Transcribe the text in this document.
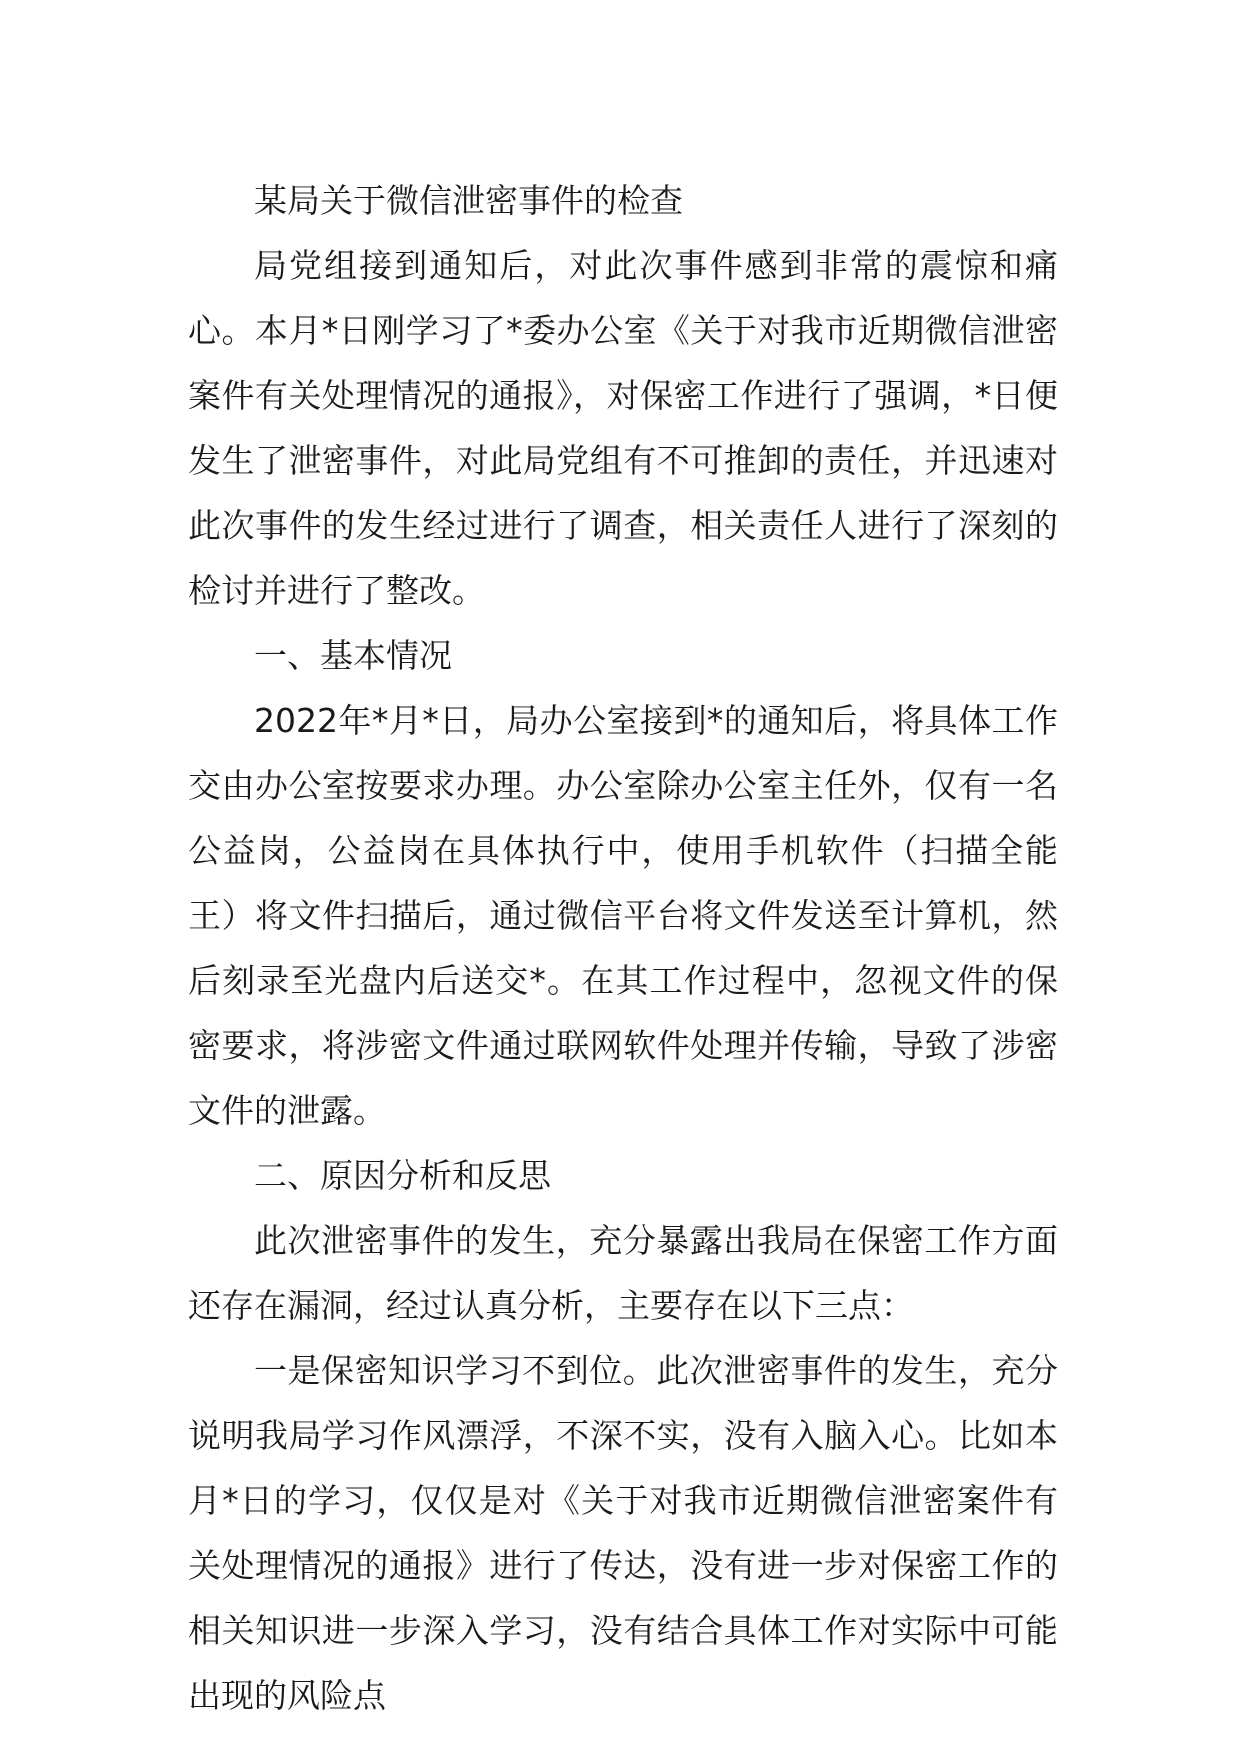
某局关于微信泄密事件的检查

局党组接到通知后，对此次事件感到非常的震惊和痛心。本月*日刚学习了*委办公室《关于对我市近期微信泄密案件有关处理情况的通报》，对保密工作进行了强调，*日便发生了泄密事件，对此局党组有不可推卸的责任，并迅速对此次事件的发生经过进行了调查，相关责任人进行了深刻的检讨并进行了整改。

一、基本情况

2022年*月*日，局办公室接到*的通知后，将具体工作交由办公室按要求办理。办公室除办公室主任外，仅有一名公益岗，公益岗在具体执行中，使用手机软件（扫描全能王）将文件扫描后，通过微信平台将文件发送至计算机，然后刻录至光盘内后送交*。在其工作过程中，忽视文件的保密要求，将涉密文件通过联网软件处理并传输，导致了涉密文件的泄露。

二、原因分析和反思

此次泄密事件的发生，充分暴露出我局在保密工作方面还存在漏洞，经过认真分析，主要存在以下三点：

一是保密知识学习不到位。此次泄密事件的发生，充分说明我局学习作风漂浮，不深不实，没有入脑入心。比如本月*日的学习，仅仅是对《关于对我市近期微信泄密案件有关处理情况的通报》进行了传达，没有进一步对保密工作的相关知识进一步深入学习，没有结合具体工作对实际中可能出现的风险点
